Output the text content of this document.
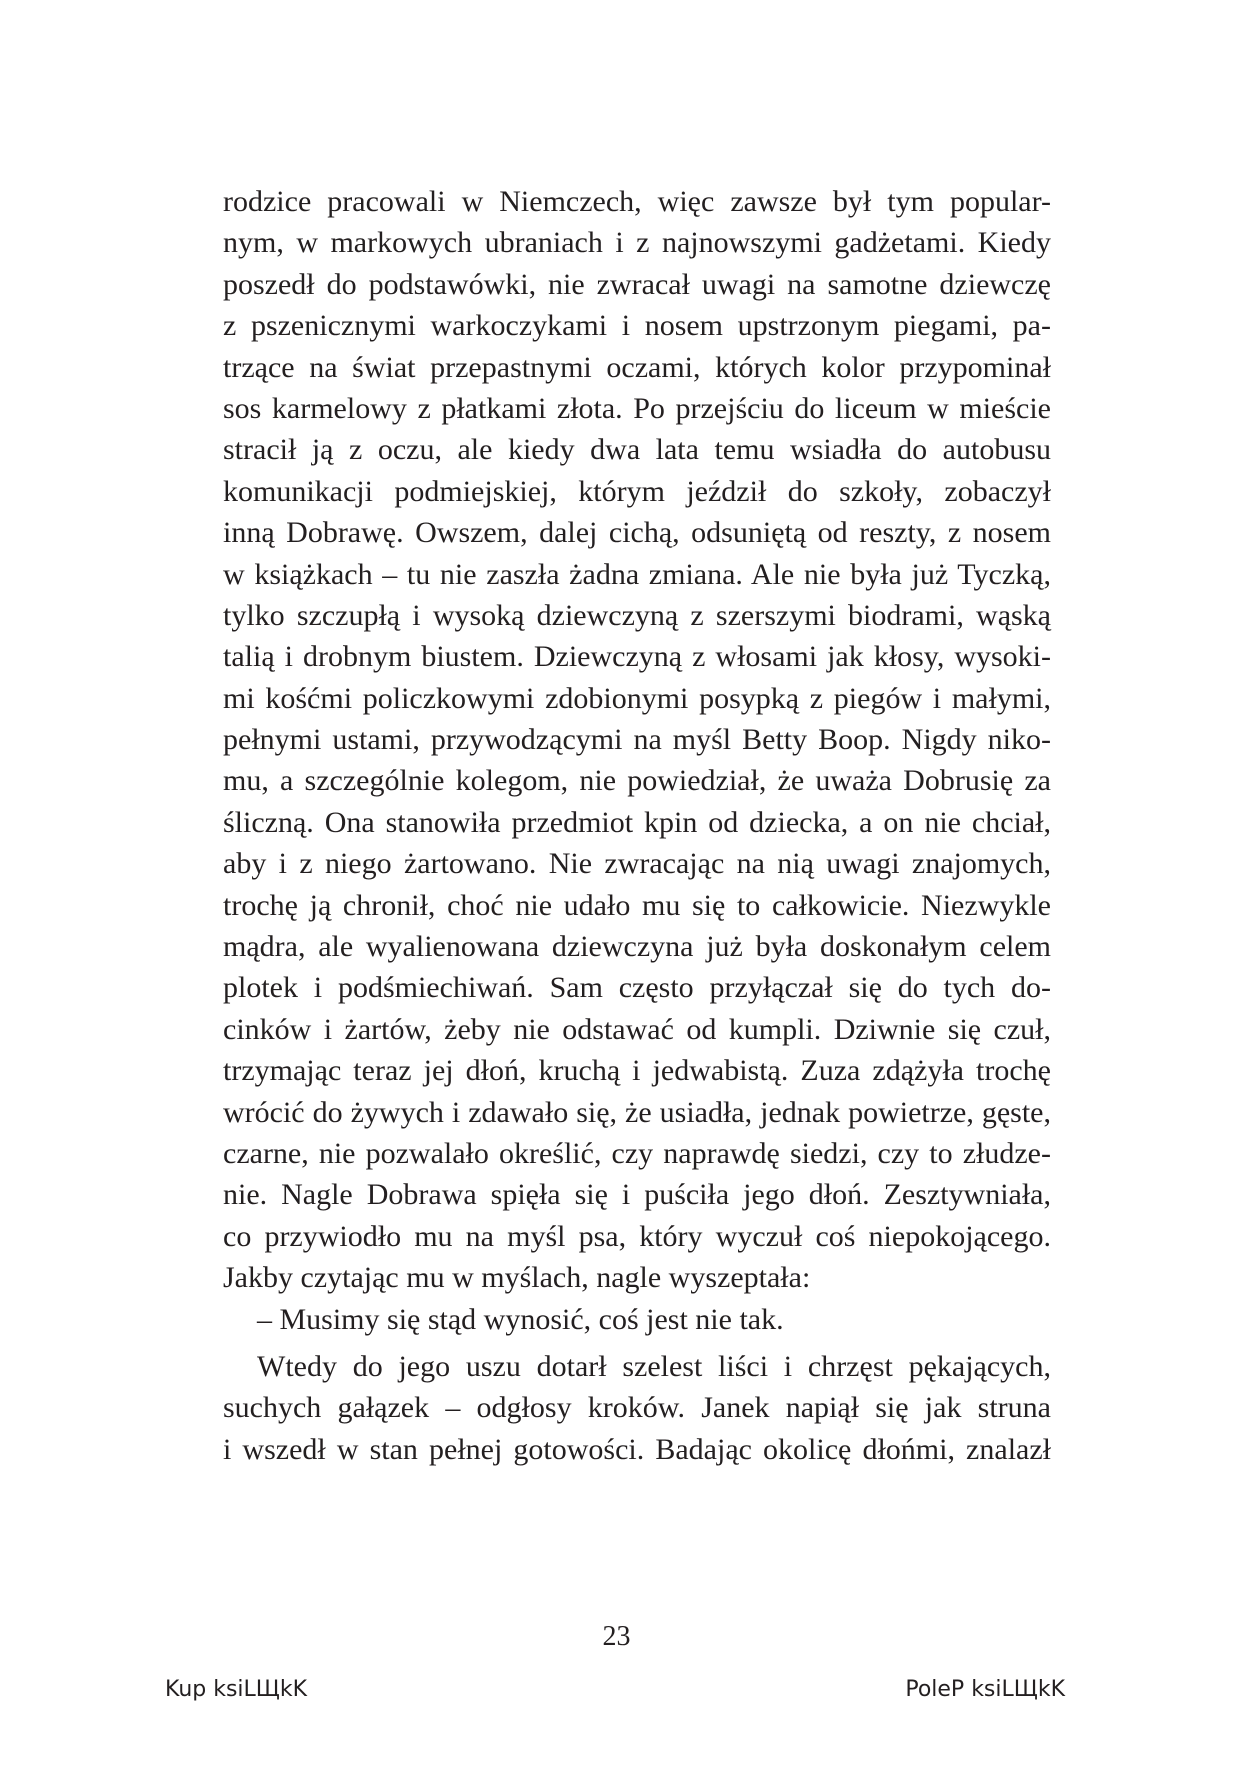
rodzice pracowali w Niemczech, więc zawsze był tym popular-
nym, w markowych ubraniach i z najnowszymi gadżetami. Kiedy
poszedł do podstawówki, nie zwracał uwagi na samotne dziewczę
z pszenicznymi warkoczykami i nosem upstrzonym piegami, pa-
trzące na świat przepastnymi oczami, których kolor przypominał
sos karmelowy z płatkami złota. Po przejściu do liceum w mieście
stracił ją z oczu, ale kiedy dwa lata temu wsiadła do autobusu
komunikacji podmiejskiej, którym jeździł do szkoły, zobaczył
inną Dobrawę. Owszem, dalej cichą, odsuniętą od reszty, z nosem
w książkach – tu nie zaszła żadna zmiana. Ale nie była już Tyczką,
tylko szczupłą i wysoką dziewczyną z szerszymi biodrami, wąską
talią i drobnym biustem. Dziewczyną z włosami jak kłosy, wysoki-
mi kośćmi policzkowymi zdobionymi posypką z piegów i małymi,
pełnymi ustami, przywodzącymi na myśl Betty Boop. Nigdy niko-
mu, a szczególnie kolegom, nie powiedział, że uważa Dobrusię za
śliczną. Ona stanowiła przedmiot kpin od dziecka, a on nie chciał,
aby i z niego żartowano. Nie zwracając na nią uwagi znajomych,
trochę ją chronił, choć nie udało mu się to całkowicie. Niezwykle
mądra, ale wyalienowana dziewczyna już była doskonałym celem
plotek i podśmiechiwań. Sam często przyłączał się do tych do-
cinków i żartów, żeby nie odstawać od kumpli. Dziwnie się czuł,
trzymając teraz jej dłoń, kruchą i jedwabistą. Zuza zdążyła trochę
wrócić do żywych i zdawało się, że usiadła, jednak powietrze, gęste,
czarne, nie pozwalało określić, czy naprawdę siedzi, czy to złudze-
nie. Nagle Dobrawa spięła się i puściła jego dłoń. Zesztywniała,
co przywiodło mu na myśl psa, który wyczuł coś niepokojącego.
Jakby czytając mu w myślach, nagle wyszeptała:
– Musimy się stąd wynosić, coś jest nie tak.
Wtedy do jego uszu dotarł szelest liści i chrzęst pękających,
suchych gałązek – odgłosy kroków. Janek napiął się jak struna
i wszedł w stan pełnej gotowości. Badając okolicę dłońmi, znalazł
23
Kup ksiLЩkK	PoleP ksiLЩkK
